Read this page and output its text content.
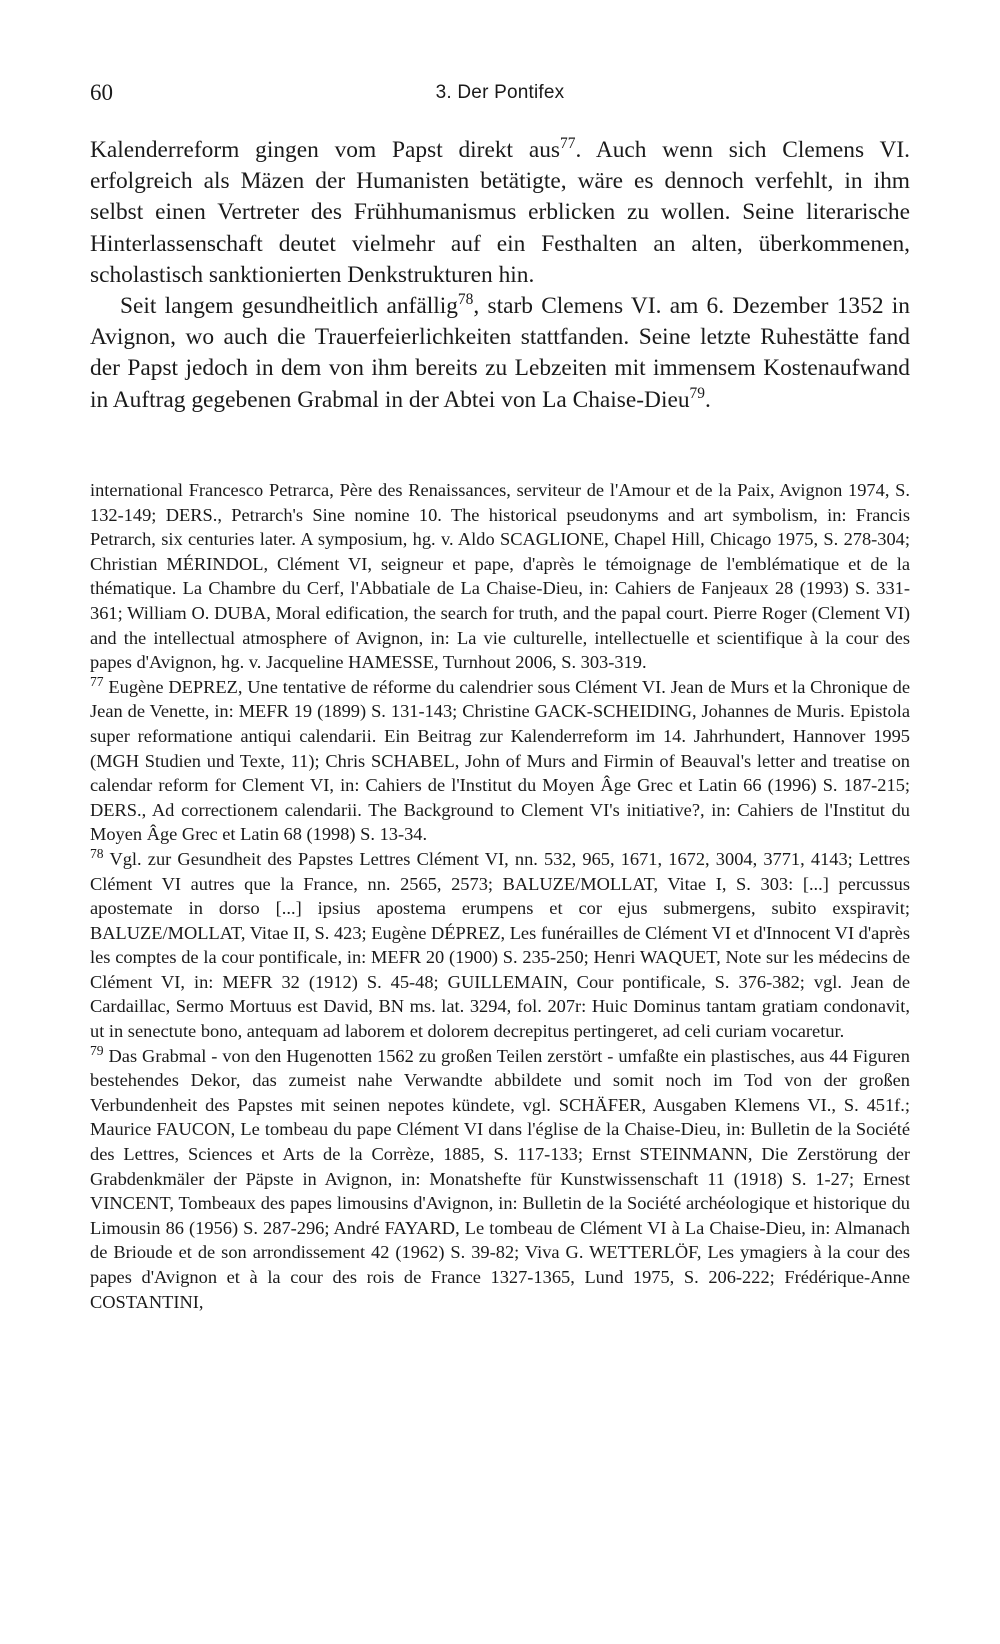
60	3. Der Pontifex

Kalenderreform gingen vom Papst direkt aus$^{77}$. Auch wenn sich Clemens VI. erfolgreich als Mäzen der Humanisten betätigte, wäre es dennoch verfehlt, in ihm selbst einen Vertreter des Frühhumanismus erblicken zu wollen. Seine literarische Hinterlassenschaft deutet vielmehr auf ein Festhalten an alten, überkommenen, scholastisch sanktionierten Denkstrukturen hin.

Seit langem gesundheitlich anfällig$^{78}$, starb Clemens VI. am 6. Dezember 1352 in Avignon, wo auch die Trauerfeierlichkeiten stattfanden. Seine letzte Ruhestätte fand der Papst jedoch in dem von ihm bereits zu Lebzeiten mit immensem Kostenaufwand in Auftrag gegebenen Grabmal in der Abtei von La Chaise-Dieu$^{79}$.

international Francesco Petrarca, Père des Renaissances, serviteur de l'Amour et de la Paix, Avignon 1974, S. 132-149; DERS., Petrarch's Sine nomine 10. The historical pseudonyms and art symbolism, in: Francis Petrarch, six centuries later. A symposium, hg. v. Aldo SCAGLIONE, Chapel Hill, Chicago 1975, S. 278-304; Christian MÉRINDOL, Clément VI, seigneur et pape, d'après le témoignage de l'emblématique et de la thématique. La Chambre du Cerf, l'Abbatiale de La Chaise-Dieu, in: Cahiers de Fanjeaux 28 (1993) S. 331-361; William O. DUBA, Moral edification, the search for truth, and the papal court. Pierre Roger (Clement VI) and the intellectual atmosphere of Avignon, in: La vie culturelle, intellectuelle et scientifique à la cour des papes d'Avignon, hg. v. Jacqueline HAMESSE, Turnhout 2006, S. 303-319.

$^{77}$ Eugène DEPREZ, Une tentative de réforme du calendrier sous Clément VI. Jean de Murs et la Chronique de Jean de Venette, in: MEFR 19 (1899) S. 131-143; Christine GACK-SCHEIDING, Johannes de Muris. Epistola super reformatione antiqui calendarii. Ein Beitrag zur Kalenderreform im 14. Jahrhundert, Hannover 1995 (MGH Studien und Texte, 11); Chris SCHABEL, John of Murs and Firmin of Beauval's letter and treatise on calendar reform for Clement VI, in: Cahiers de l'Institut du Moyen Âge Grec et Latin 66 (1996) S. 187-215; DERS., Ad correctionem calendarii. The Background to Clement VI's initiative?, in: Cahiers de l'Institut du Moyen Âge Grec et Latin 68 (1998) S. 13-34.

$^{78}$ Vgl. zur Gesundheit des Papstes Lettres Clément VI, nn. 532, 965, 1671, 1672, 3004, 3771, 4143; Lettres Clément VI autres que la France, nn. 2565, 2573; BALUZE/MOLLAT, Vitae I, S. 303: [...] percussus apostemate in dorso [...] ipsius apostema erumpens et cor ejus submergens, subito exspiravit; BALUZE/MOLLAT, Vitae II, S. 423; Eugène DÉPREZ, Les funérailles de Clément VI et d'Innocent VI d'après les comptes de la cour pontificale, in: MEFR 20 (1900) S. 235-250; Henri WAQUET, Note sur les médecins de Clément VI, in: MEFR 32 (1912) S. 45-48; GUILLEMAIN, Cour pontificale, S. 376-382; vgl. Jean de Cardaillac, Sermo Mortuus est David, BN ms. lat. 3294, fol. 207r: Huic Dominus tantam gratiam condonavit, ut in senectute bono, antequam ad laborem et dolorem decrepitus pertingeret, ad celi curiam vocaretur.

$^{79}$ Das Grabmal - von den Hugenotten 1562 zu großen Teilen zerstört - umfaßte ein plastisches, aus 44 Figuren bestehendes Dekor, das zumeist nahe Verwandte abbildete und somit noch im Tod von der großen Verbundenheit des Papstes mit seinen nepotes kündete, vgl. SCHÄFER, Ausgaben Klemens VI., S. 451f.; Maurice FAUCON, Le tombeau du pape Clément VI dans l'église de la Chaise-Dieu, in: Bulletin de la Société des Lettres, Sciences et Arts de la Corrèze, 1885, S. 117-133; Ernst STEINMANN, Die Zerstörung der Grabdenkmäler der Päpste in Avignon, in: Monatshefte für Kunstwissenschaft 11 (1918) S. 1-27; Ernest VINCENT, Tombeaux des papes limousins d'Avignon, in: Bulletin de la Société archéologique et historique du Limousin 86 (1956) S. 287-296; André FAYARD, Le tombeau de Clément VI à La Chaise-Dieu, in: Almanach de Brioude et de son arrondissement 42 (1962) S. 39-82; Viva G. WETTERLÖF, Les ymagiers à la cour des papes d'Avignon et à la cour des rois de France 1327-1365, Lund 1975, S. 206-222; Frédérique-Anne COSTANTINI,
